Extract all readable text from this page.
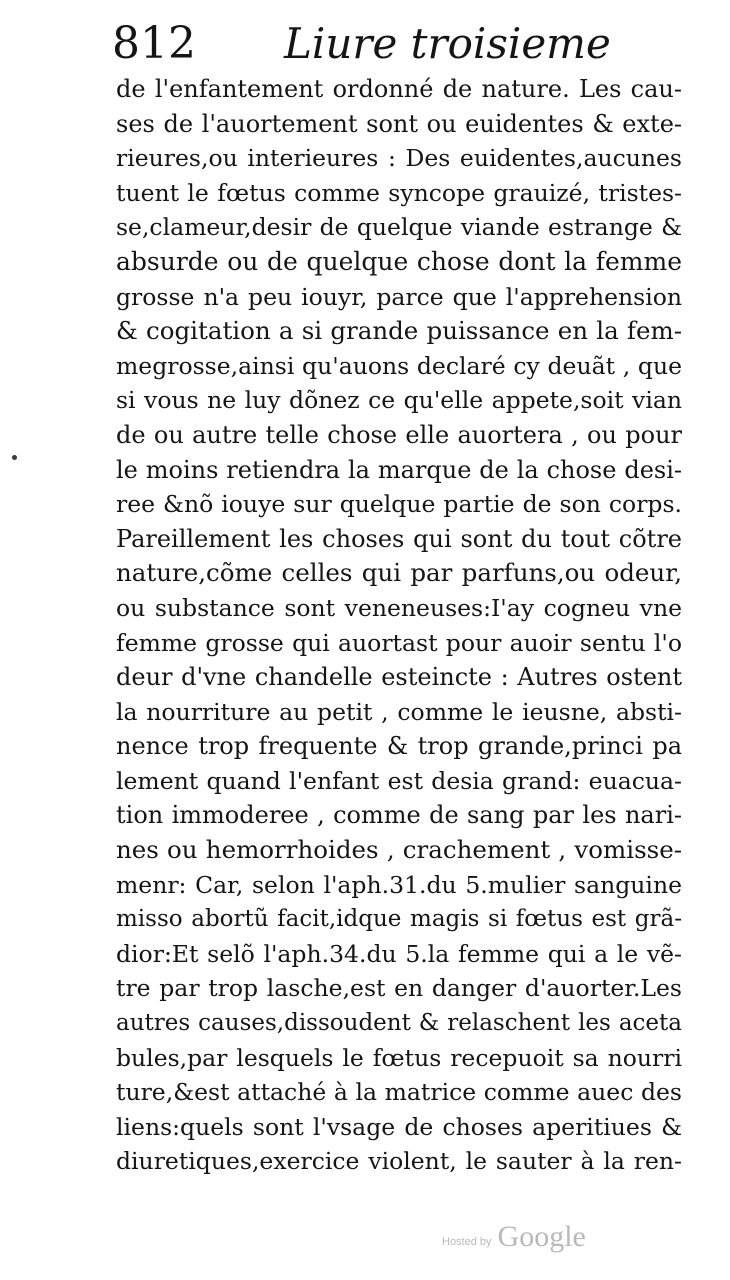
812 Liure troisieme
de l'enfantement ordonné de nature. Les cau-
ses de l'auortement sont ou euidentes & exte-
rieures,ou interieures : Des euidentes,aucunes
tuent le fœtus comme syncope grauizé, tristes-
se,clameur,desir de quelque viande estrange &
absurde ou de quelque chose dont la femme
grosse n'a peu iouyr, parce que l'apprehension
& cogitation a si grande puissance en la fem-
megrosse,ainsi qu'auons declaré cy deuãt , que
si vous ne luy dõnez ce qu'elle appete,soit vian
de ou autre telle chose elle auortera , ou pour
le moins retiendra la marque de la chose desi-
ree &nõ iouye sur quelque partie de son corps.
Pareillement les choses qui sont du tout cõtre
nature,cõme celles qui par parfuns,ou odeur,
ou substance sont veneneuses:I'ay cogneu vne
femme grosse qui auortast pour auoir sentu l'o
deur d'vne chandelle esteincte : Autres ostent
la nourriture au petit , comme le ieusne, absti-
nence trop frequente & trop grande,princi pa
lement quand l'enfant est desia grand: euacua-
tion immoderee , comme de sang par les nari-
nes ou hemorrhoides , crachement , vomisse-
menr: Car, selon l'aph.31.du 5.mulier sanguine
misso abortũ facit,idque magis si fœtus est grã-
dior:Et selõ l'aph.34.du 5.la femme qui a le vẽ-
tre par trop lasche,est en danger d'auorter.Les
autres causes,dissoudent & relaschent les aceta
bules,par lesquels le fœtus recepuoit sa nourri
ture,&est attaché à la matrice comme auec des
liens:quels sont l'vsage de choses aperitiues &
diuretiques,exercice violent, le sauter à la ren-
Hosted by Google
